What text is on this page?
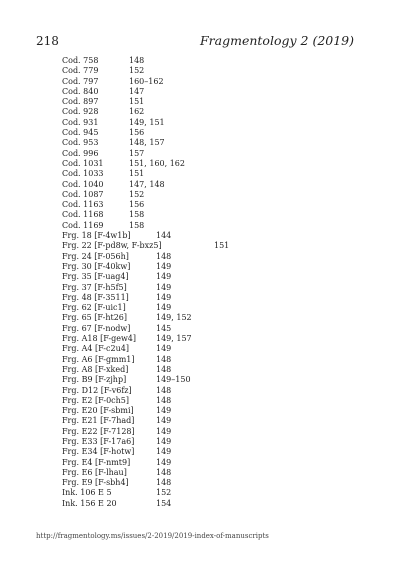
218	Fragmentology 2 (2019)
Cod. 758	148
Cod. 779	152
Cod. 797	160–162
Cod. 840	147
Cod. 897	151
Cod. 928	162
Cod. 931	149, 151
Cod. 945	156
Cod. 953	148, 157
Cod. 996	157
Cod. 1031	151, 160, 162
Cod. 1033	151
Cod. 1040	147, 148
Cod. 1087	152
Cod. 1163	156
Cod. 1168	158
Cod. 1169	158
Frg. 18 [F-4w1b]	144
Frg. 22 [F-pd8w, F-bxz5]	151
Frg. 24 [F-056h]	148
Frg. 30 [F-40kw]	149
Frg. 35 [F-uag4]	149
Frg. 37 [F-h5f5]	149
Frg. 48 [F-3511]	149
Frg. 62 [F-uic1]	149
Frg. 65 [F-ht26]	149, 152
Frg. 67 [F-nodw]	145
Frg. A18 [F-gew4] 149, 157
Frg. A4 [F-c2u4]	149
Frg. A6 [F-gmm1]	148
Frg. A8 [F-xked]	148
Frg. B9 [F-zjhp]	149–150
Frg. D12 [F-v6fz]	148
Frg. E2 [F-0ch5]	148
Frg. E20 [F-sbmi]	149
Frg. E21 [F-7had]	149
Frg. E22 [F-7128]	149
Frg. E33 [F-17a6]	149
Frg. E34 [F-hotw]	149
Frg. E4 [F-nmt9]	149
Frg. E6 [F-lhau]	148
Frg. E9 [F-sbh4]	148
Ink. 106 E 5	152
Ink. 156 E 20	154
http://fragmentology.ms/issues/2-2019/2019-index-of-manuscripts
